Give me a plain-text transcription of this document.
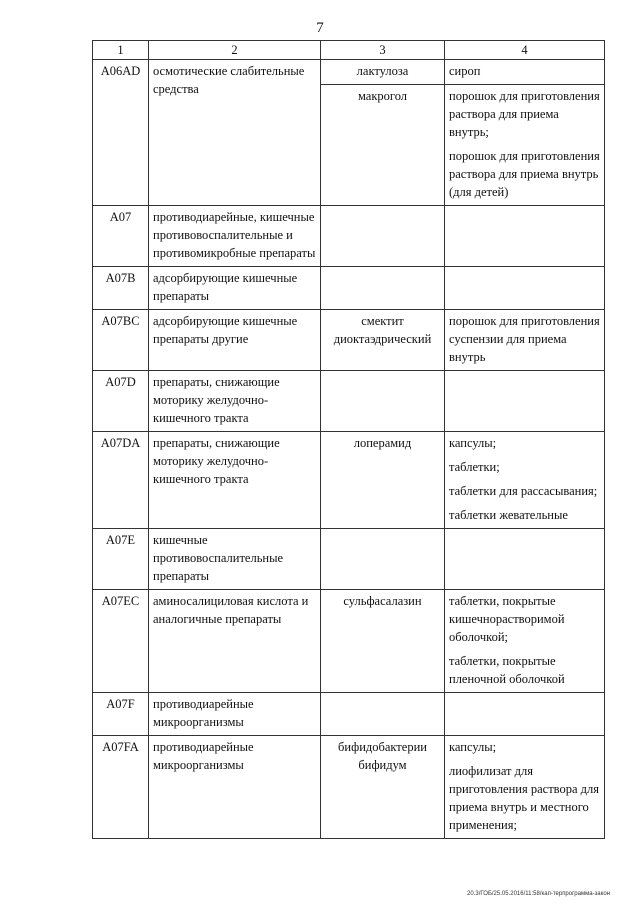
7
1	2	3	4
A06AD	осмотические слабительные средства	лактулоза	сироп

		макрогол	порошок для приготовления раствора для приема внутрь;

порошок для приготовления раствора для приема внутрь (для детей)

A07	противодиарейные, кишечные противовоспалительные и противомикробные препараты		
A07B	адсорбирующие кишечные препараты		
A07BC	адсорбирующие кишечные препараты другие	смектит диоктаэдрический	порошок для приготовления суспензии для приема внутрь

A07D	препараты, снижающие моторику желудочно-кишечного тракта		
A07DA	препараты, снижающие моторику желудочно-кишечного тракта	лоперамид	капсулы;

таблетки;

таблетки для рассасывания;

таблетки жевательные

A07E	кишечные противовоспалительные препараты		
A07EC	аминосалициловая кислота и аналогичные препараты	сульфасалазин	таблетки, покрытые кишечнорастворимой оболочкой;

таблетки, покрытые пленочной оболочкой

A07F	противодиарейные микроорганизмы		
A07FA	противодиарейные микроорганизмы	бифидобактерии бифидум	капсулы;

лиофилизат для приготовления раствора для приема внутрь и местного применения;

20.3/ГОБ/25.05.2016/11:58/кап-терпрограмма-закон
